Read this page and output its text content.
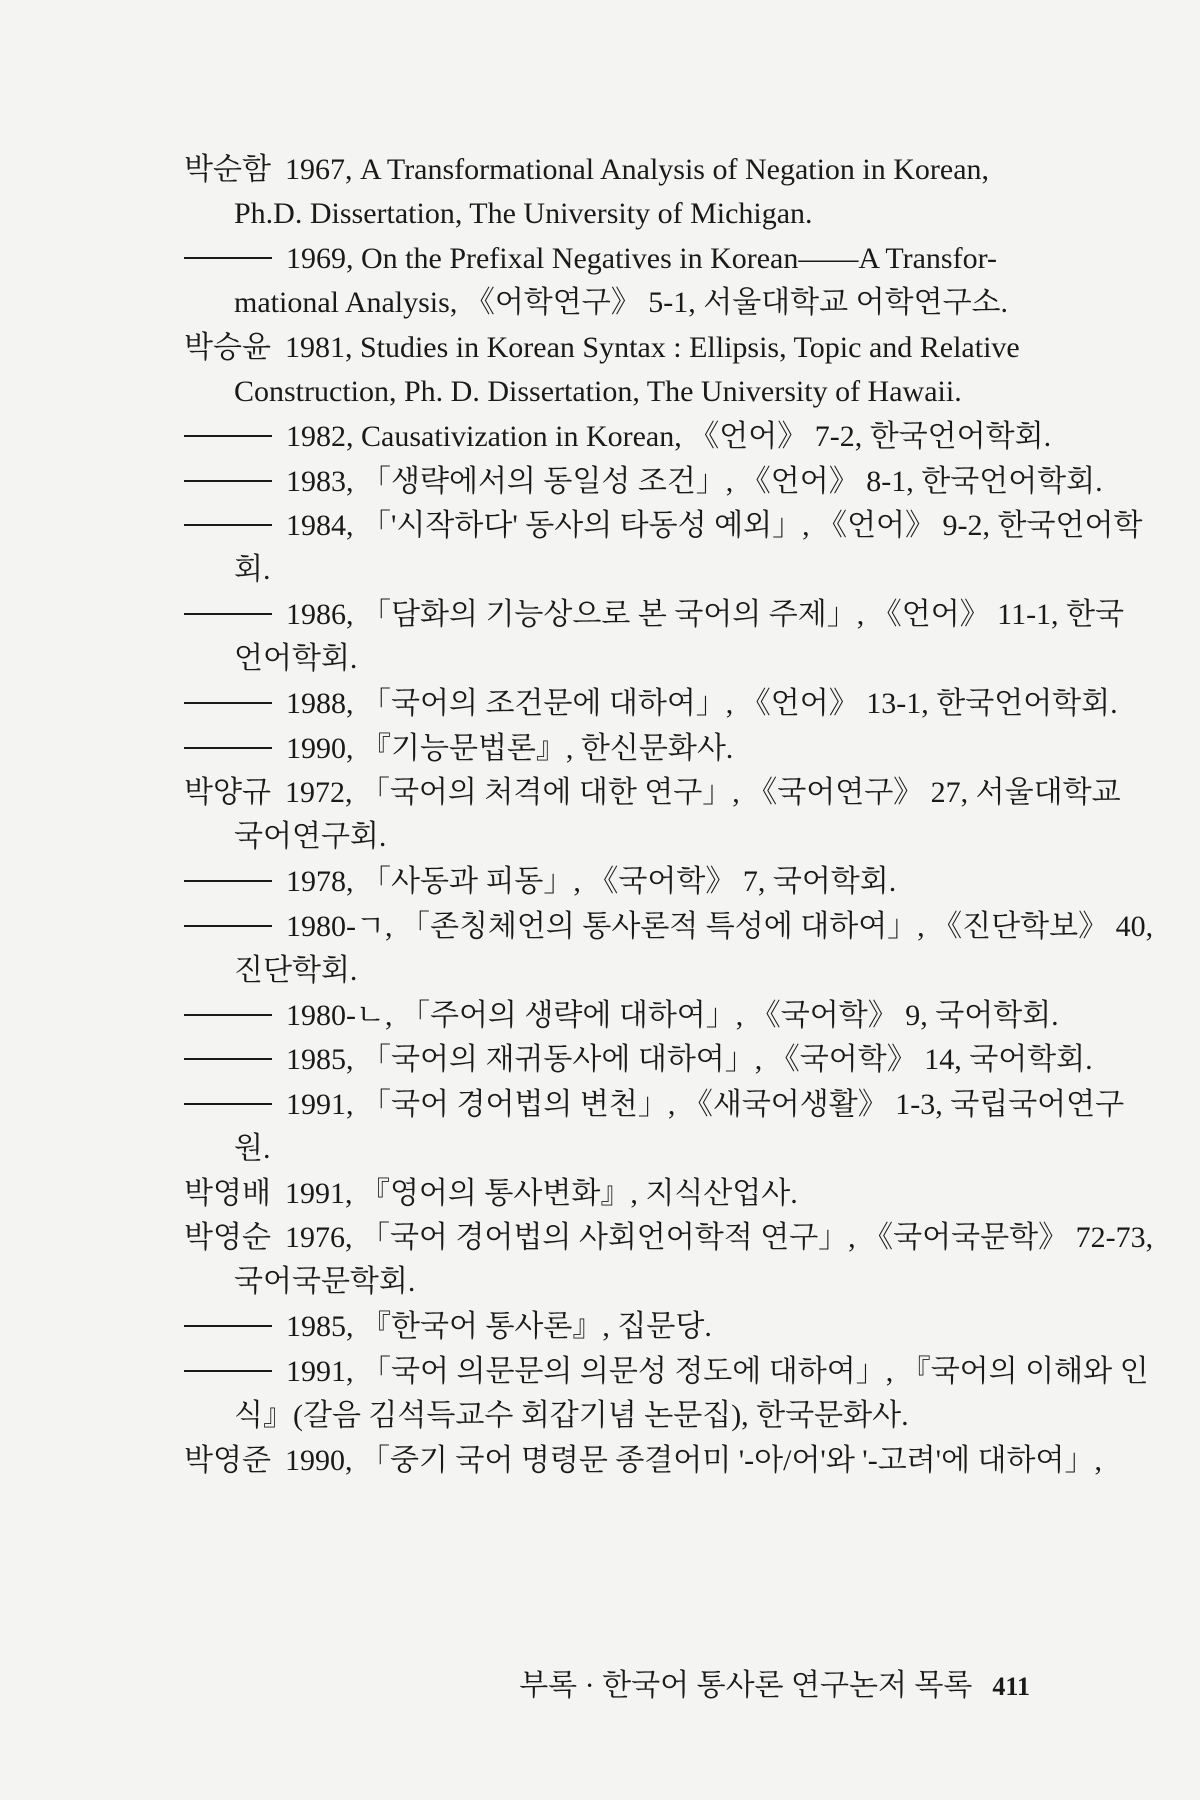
박순함 1967, A Transformational Analysis of Negation in Korean,
Ph.D. Dissertation, The University of Michigan.
1969, On the Prefixal Negatives in Korean——A Transfor-
mational Analysis, 《어학연구》 5-1, 서울대학교 어학연구소.
박승윤 1981, Studies in Korean Syntax : Ellipsis, Topic and Relative
Construction, Ph. D. Dissertation, The University of Hawaii.
1982, Causativization in Korean, 《언어》 7-2, 한국언어학회.
1983, 「생략에서의 동일성 조건」, 《언어》 8-1, 한국언어학회.
1984, 「'시작하다' 동사의 타동성 예외」, 《언어》 9-2, 한국언어학
회.
1986, 「담화의 기능상으로 본 국어의 주제」, 《언어》 11-1, 한국
언어학회.
1988, 「국어의 조건문에 대하여」, 《언어》 13-1, 한국언어학회.
1990, 『기능문법론』, 한신문화사.
박양규 1972, 「국어의 처격에 대한 연구」, 《국어연구》 27, 서울대학교
국어연구회.
1978, 「사동과 피동」, 《국어학》 7, 국어학회.
1980-ㄱ, 「존칭체언의 통사론적 특성에 대하여」, 《진단학보》 40,
진단학회.
1980-ㄴ, 「주어의 생략에 대하여」, 《국어학》 9, 국어학회.
1985, 「국어의 재귀동사에 대하여」, 《국어학》 14, 국어학회.
1991, 「국어 경어법의 변천」, 《새국어생활》 1-3, 국립국어연구
원.
박영배 1991, 『영어의 통사변화』, 지식산업사.
박영순 1976, 「국어 경어법의 사회언어학적 연구」, 《국어국문학》 72-73,
국어국문학회.
1985, 『한국어 통사론』, 집문당.
1991, 「국어 의문문의 의문성 정도에 대하여」, 『국어의 이해와 인
식』(갈음 김석득교수 회갑기념 논문집), 한국문화사.
박영준 1990, 「중기 국어 명령문 종결어미 '-아/어'와 '-고려'에 대하여」,
부록 · 한국어 통사론 연구논저 목록 411
